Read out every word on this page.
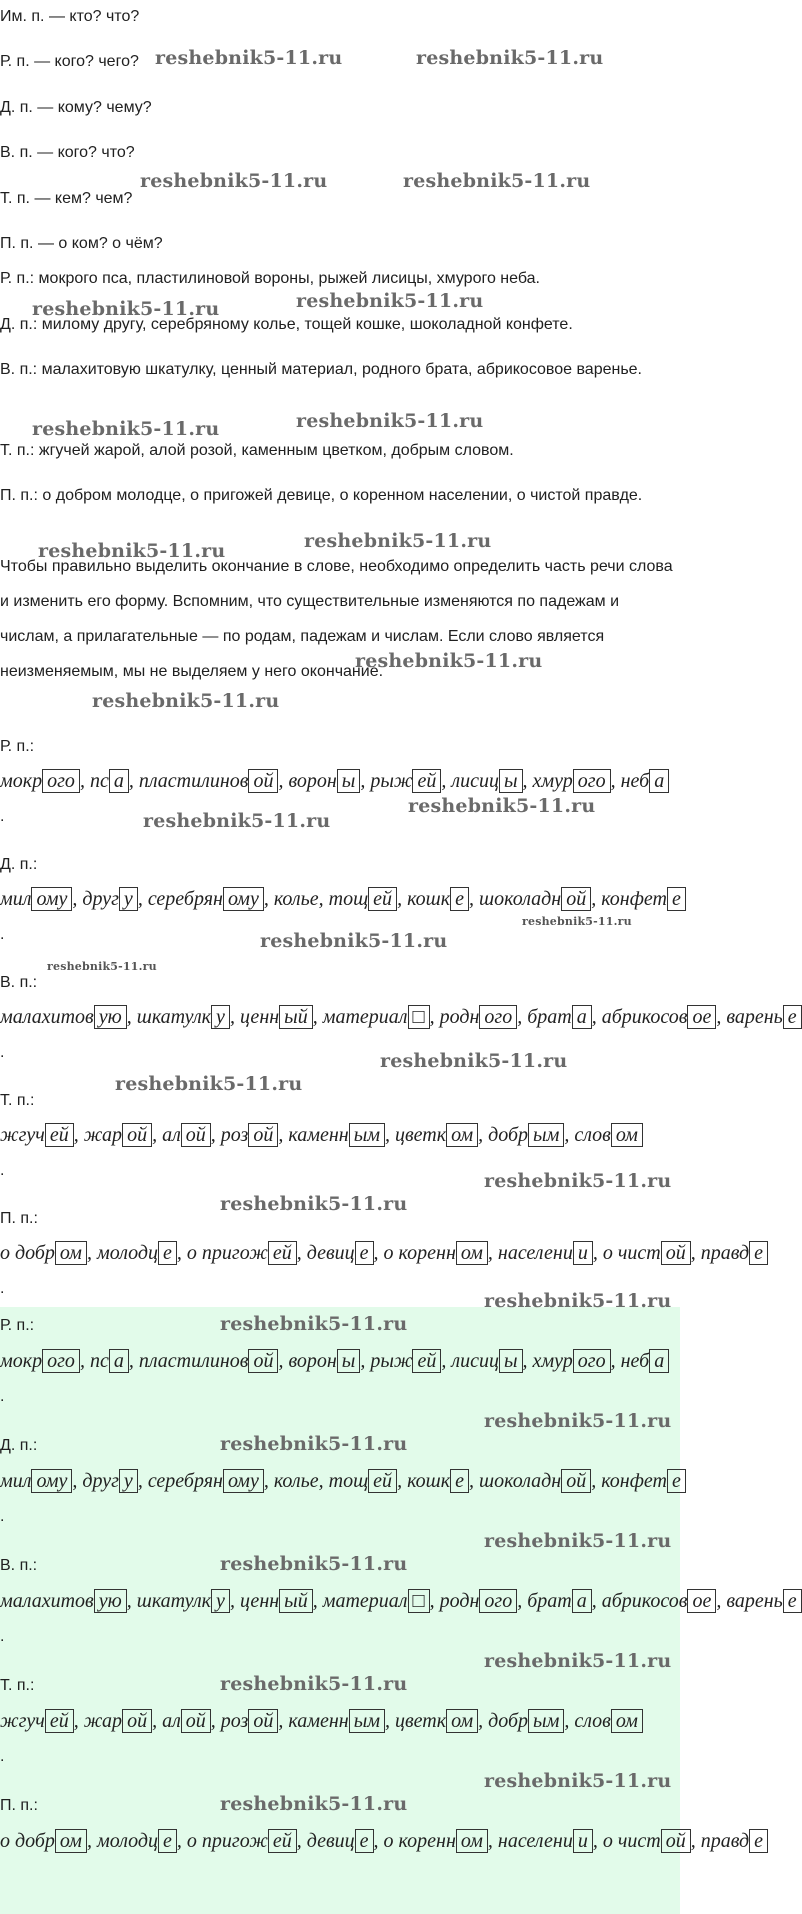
Им. п. — кто? что?
Р. п. — кого? чего?
Д. п. — кому? чему?
В. п. — кого? что?
Т. п. — кем? чем?
П. п. — о ком? о чём?
Р. п.: мокрого пса, пластилиновой вороны, рыжей лисицы, хмурого неба.
Д. п.: милому другу, серебряному колье, тощей кошке, шоколадной конфете.
В. п.: малахитовую шкатулку, ценный материал, родного брата, абрикосовое варенье.
Т. п.: жгучей жарой, алой розой, каменным цветком, добрым словом.
П. п.: о добром молодце, о пригожей девице, о коренном населении, о чистой правде.
Чтобы правильно выделить окончание в слове, необходимо определить часть речи слова и изменить его форму. Вспомним, что существительные изменяются по падежам и числам, а прилагательные — по родам, падежам и числам. Если слово является неизменяемым, мы не выделяем у него окончание.
Р. п.:
Д. п.:
В. п.:
Т. п.:
П. п.:
мокр ого , пс а , пластилинов ой , ворон ы , рыж ей , лисиц ы , хмур ого , неб а
мил ому , друг у , серебрян ому , колье, тощ ей , кошк е , шоколадн ой , конфет е
малахитов ую , шкатулк у , ценн ый , материал □ , родн ого , брат а , абрикосов ое , варень е
жгуч ей , жар ой , ал ой , роз ой , каменн ым , цветк ом , добр ым , слов ом
о добр ом , молодц е , о пригож ей , девиц е , о коренн ом , населени и , о чист ой , правд е
.
.
.
.
.
Р. п.:
Д. п.:
В. п.:
Т. п.:
П. п.:
мокр ого , пс а , пластилинов ой , ворон ы , рыж ей , лисиц ы , хмур ого , неб а
мил ому , друг у , серебрян ому , колье, тощ ей , кошк е , шоколадн ой , конфет е
малахитов ую , шкатулк у , ценн ый , материал □ , родн ого , брат а , абрикосов ое , варень е
жгуч ей , жар ой , ал ой , роз ой , каменн ым , цветк ом , добр ым , слов ом
о добр ом , молодц е , о пригож ей , девиц е , о коренн ом , населени и , о чист ой , правд е
.
.
.
.
reshebnik5-11.ru	reshebnik5-11.ru
reshebnik5-11.ru	reshebnik5-11.ru
reshebnik5-11.ru	reshebnik5-11.ru
reshebnik5-11.ru	reshebnik5-11.ru
reshebnik5-11.ru	reshebnik5-11.ru
reshebnik5-11.ru
reshebnik5-11.ru
reshebnik5-11.ru
reshebnik5-11.ru
reshebnik5-11.ru
reshebnik5-11.ru
reshebnik5-11.ru
reshebnik5-11.ru
reshebnik5-11.ru
reshebnik5-11.ru
reshebnik5-11.ru
reshebnik5-11.ru
reshebnik5-11.ru
reshebnik5-11.ru
reshebnik5-11.ru
reshebnik5-11.ru
reshebnik5-11.ru
reshebnik5-11.ru
reshebnik5-11.ru
reshebnik5-11.ru
reshebnik5-11.ru
